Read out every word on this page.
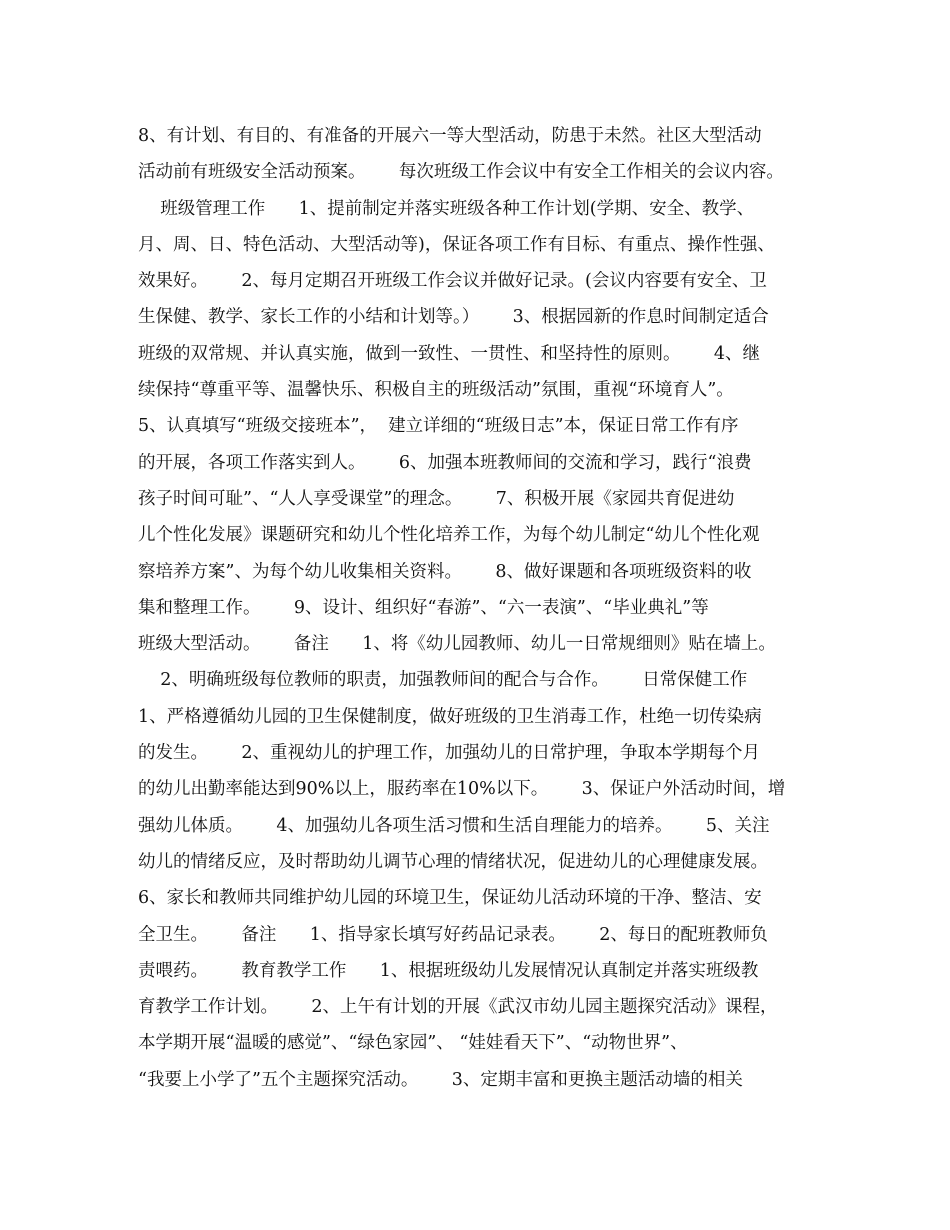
8、有计划、有目的、有准备的开展六一等大型活动，防患于未然。社区大型活动
活动前有班级安全活动预案。      每次班级工作会议中有安全工作相关的会议内容。
班级管理工作      1、提前制定并落实班级各种工作计划(学期、安全、教学、
月、周、日、特色活动、大型活动等)，保证各项工作有目标、有重点、操作性强、
效果好。      2、每月定期召开班级工作会议并做好记录。(会议内容要有安全、卫
生保健、教学、家长工作的小结和计划等。）      3、根据园新的作息时间制定适合
班级的双常规、并认真实施，做到一致性、一贯性、和坚持性的原则。      4、继
续保持“尊重平等、温馨快乐、积极自主的班级活动”氛围，重视“环境育人”。
5、认真填写“班级交接班本”，  建立详细的“班级日志”本，保证日常工作有序
的开展，各项工作落实到人。      6、加强本班教师间的交流和学习，践行“浪费
孩子时间可耻”、“人人享受课堂”的理念。      7、积极开展《家园共育促进幼
儿个性化发展》课题研究和幼儿个性化培养工作，为每个幼儿制定“幼儿个性化观
察培养方案”、为每个幼儿收集相关资料。      8、做好课题和各项班级资料的收
集和整理工作。      9、设计、组织好“春游”、“六一表演”、“毕业典礼”等
班级大型活动。      备注      1、将《幼儿园教师、幼儿一日常规细则》贴在墙上。
2、明确班级每位教师的职责，加强教师间的配合与合作。      日常保健工作
1、严格遵循幼儿园的卫生保健制度，做好班级的卫生消毒工作，杜绝一切传染病
的发生。      2、重视幼儿的护理工作，加强幼儿的日常护理，争取本学期每个月
的幼儿出勤率能达到90%以上，服药率在10%以下。      3、保证户外活动时间，增
强幼儿体质。      4、加强幼儿各项生活习惯和生活自理能力的培养。      5、关注
幼儿的情绪反应，及时帮助幼儿调节心理的情绪状况，促进幼儿的心理健康发展。
6、家长和教师共同维护幼儿园的环境卫生，保证幼儿活动环境的干净、整洁、安
全卫生。      备注      1、指导家长填写好药品记录表。      2、每日的配班教师负
责喂药。      教育教学工作      1、根据班级幼儿发展情况认真制定并落实班级教
育教学工作计划。      2、上午有计划的开展《武汉市幼儿园主题探究活动》课程，
本学期开展“温暖的感觉”、“绿色家园”、 “娃娃看天下”、“动物世界”、
“我要上小学了”五个主题探究活动。      3、定期丰富和更换主题活动墙的相关
